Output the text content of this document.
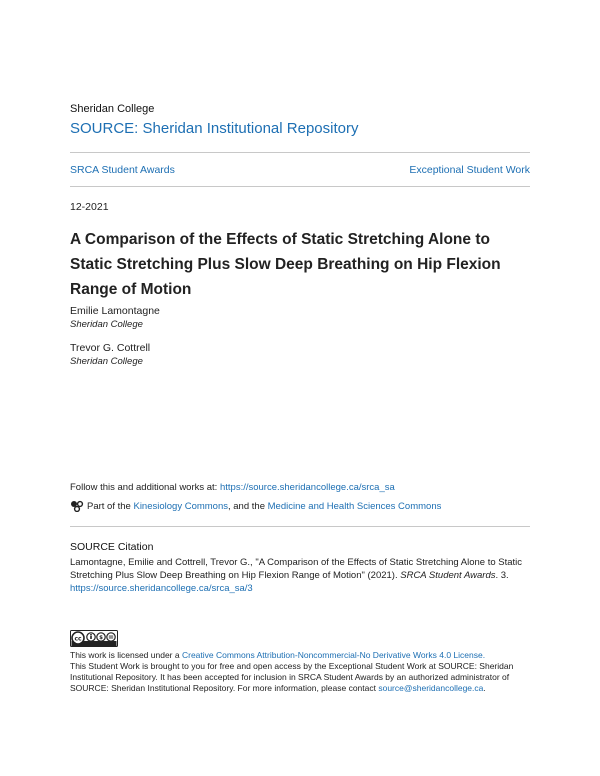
Sheridan College
SOURCE: Sheridan Institutional Repository
SRCA Student Awards	Exceptional Student Work
12-2021
A Comparison of the Effects of Static Stretching Alone to Static Stretching Plus Slow Deep Breathing on Hip Flexion Range of Motion
Emilie Lamontagne
Sheridan College
Trevor G. Cottrell
Sheridan College
Follow this and additional works at: https://source.sheridancollege.ca/srca_sa
Part of the Kinesiology Commons, and the Medicine and Health Sciences Commons
SOURCE Citation
Lamontagne, Emilie and Cottrell, Trevor G., "A Comparison of the Effects of Static Stretching Alone to Static Stretching Plus Slow Deep Breathing on Hip Flexion Range of Motion" (2021). SRCA Student Awards. 3.
https://source.sheridancollege.ca/srca_sa/3
cc	$
This work is licensed under a Creative Commons Attribution-Noncommercial-No Derivative Works 4.0 License.
This Student Work is brought to you for free and open access by the Exceptional Student Work at SOURCE: Sheridan Institutional Repository. It has been accepted for inclusion in SRCA Student Awards by an authorized administrator of SOURCE: Sheridan Institutional Repository. For more information, please contact source@sheridancollege.ca.
